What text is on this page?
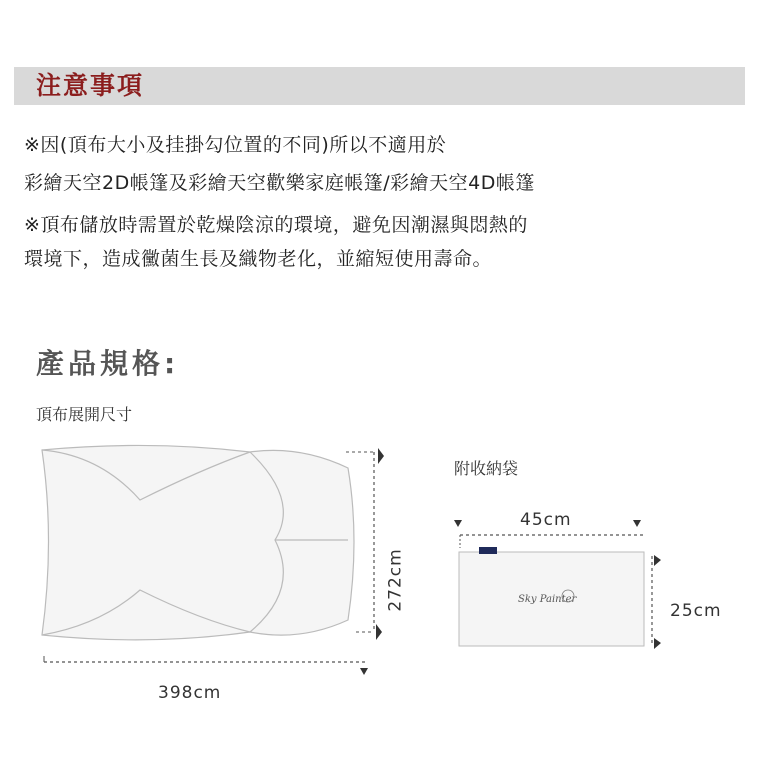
注意事項
※因(頂布大小及挂掛勾位置的不同)所以不適用於
彩繪天空2D帳篷及彩繪天空歡樂家庭帳篷/彩繪天空4D帳篷
※頂布儲放時需置於乾燥陰涼的環境，避免因潮濕與悶熱的
環境下，造成黴菌生長及織物老化，並縮短使用壽命。
產品規格:
頂布展開尺寸
附收納袋
Sky Painter
398cm
272cm
45cm
25cm
